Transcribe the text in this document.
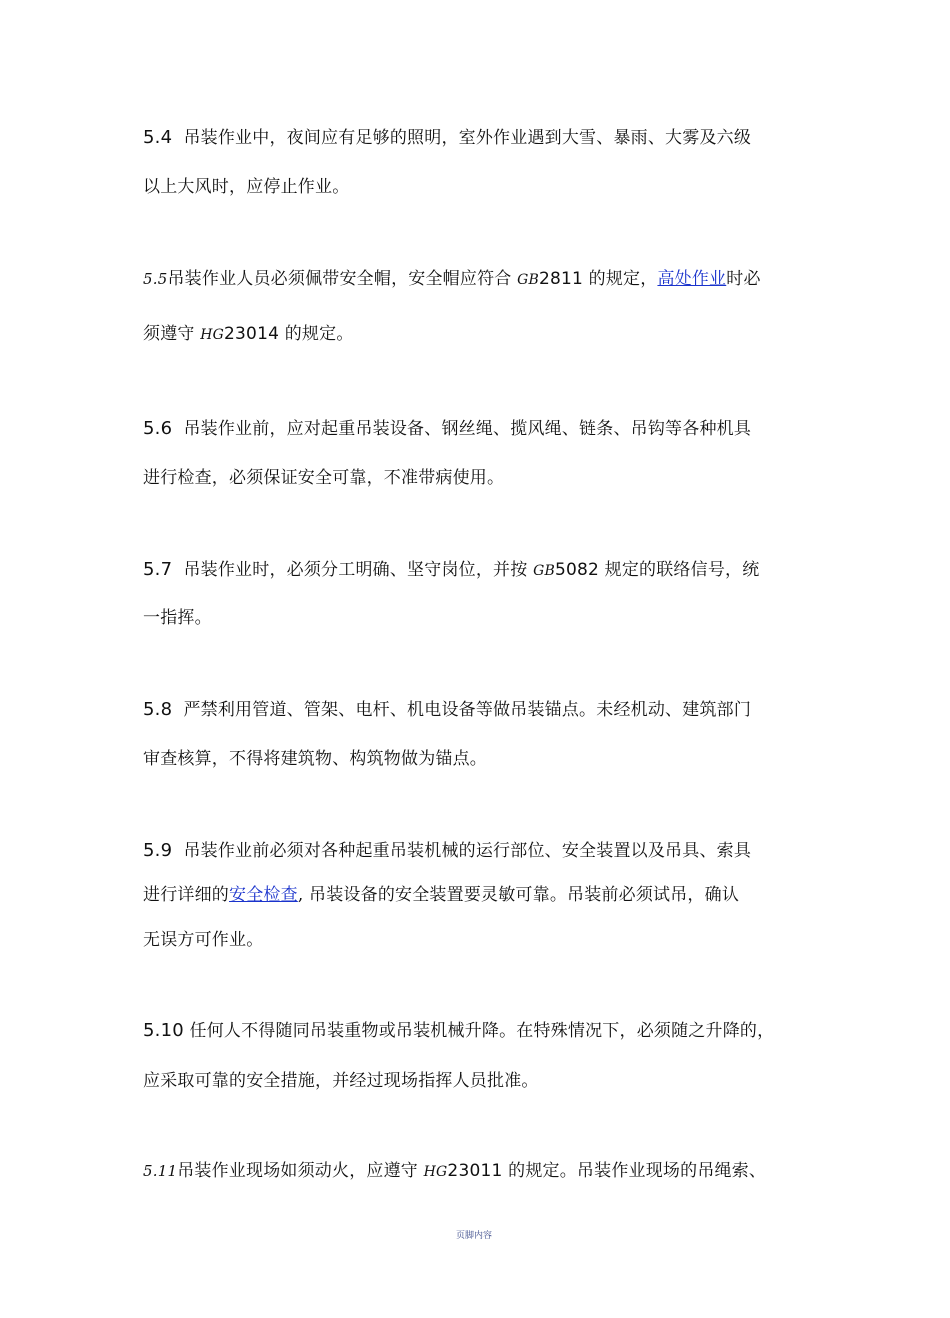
5.4 吊装作业中，夜间应有足够的照明，室外作业遇到大雪、暴雨、大雾及六级
以上大风时，应停止作业。
5.5吊装作业人员必须佩带安全帽，安全帽应符合 GB2811 的规定，高处作业时必
须遵守 HG23014 的规定。
5.6 吊装作业前，应对起重吊装设备、钢丝绳、揽风绳、链条、吊钩等各种机具
进行检查，必须保证安全可靠，不准带病使用。
5.7 吊装作业时，必须分工明确、坚守岗位，并按 GB5082 规定的联络信号，统
一指挥。
5.8 严禁利用管道、管架、电杆、机电设备等做吊装锚点。未经机动、建筑部门
审查核算，不得将建筑物、构筑物做为锚点。
5.9 吊装作业前必须对各种起重吊装机械的运行部位、安全装置以及吊具、索具
进行详细的安全检查, 吊装设备的安全装置要灵敏可靠。吊装前必须试吊，确认
无误方可作业。
5.10 任何人不得随同吊装重物或吊装机械升降。在特殊情况下，必须随之升降的，
应采取可靠的安全措施，并经过现场指挥人员批准。
5.11吊装作业现场如须动火，应遵守 HG23011 的规定。吊装作业现场的吊绳索、
页脚内容
